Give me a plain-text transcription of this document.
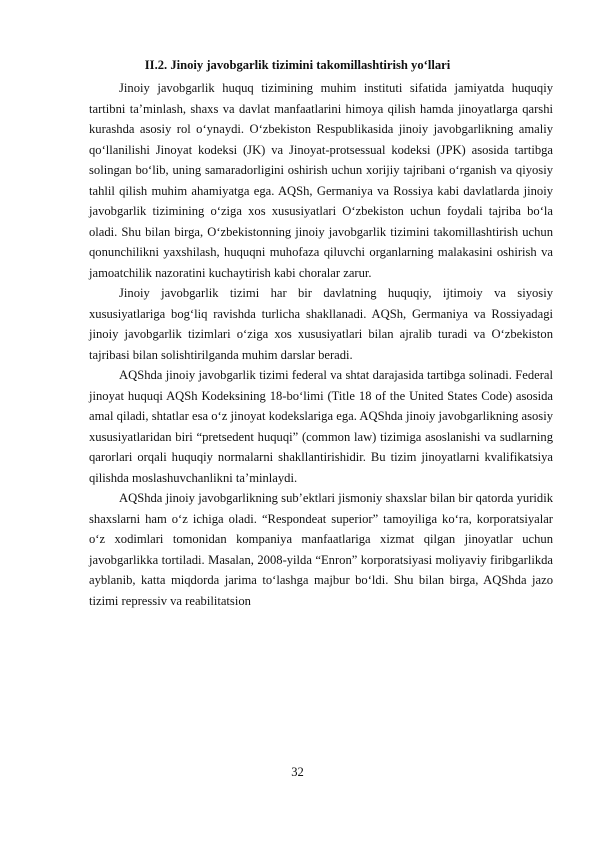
II.2. Jinoiy javobgarlik tizimini takomillashtirish yo‘llari

Jinoiy javobgarlik huquq tizimining muhim instituti sifatida jamiyatda huquqiy tartibni ta’minlash, shaxs va davlat manfaatlarini himoya qilish hamda jinoyatlarga qarshi kurashda asosiy rol o‘ynaydi. O‘zbekiston Respublikasida jinoiy javobgarlikning amaliy qo‘llanilishi Jinoyat kodeksi (JK) va Jinoyat-protsessual kodeksi (JPK) asosida tartibga solingan bo‘lib, uning samaradorligini oshirish uchun xorijiy tajribani o‘rganish va qiyosiy tahlil qilish muhim ahamiyatga ega. AQSh, Germaniya va Rossiya kabi davlatlarda jinoiy javobgarlik tizimining o‘ziga xos xususiyatlari O‘zbekiston uchun foydali tajriba bo‘la oladi. Shu bilan birga, O‘zbekistonning jinoiy javobgarlik tizimini takomillashtirish uchun qonunchilikni yaxshilash, huquqni muhofaza qiluvchi organlarning malakasini oshirish va jamoatchilik nazoratini kuchaytirish kabi choralar zarur.

Jinoiy javobgarlik tizimi har bir davlatning huquqiy, ijtimoiy va siyosiy xususiyatlariga bog‘liq ravishda turlicha shakllanadi. AQSh, Germaniya va Rossiyadagi jinoiy javobgarlik tizimlari o‘ziga xos xususiyatlari bilan ajralib turadi va O‘zbekiston tajribasi bilan solishtirilganda muhim darslar beradi.

AQShda jinoiy javobgarlik tizimi federal va shtat darajasida tartibga solinadi. Federal jinoyat huquqi AQSh Kodeksining 18-bo‘limi (Title 18 of the United States Code) asosida amal qiladi, shtatlar esa o‘z jinoyat kodekslariga ega. AQShda jinoiy javobgarlikning asosiy xususiyatlaridan biri “pretsedent huquqi” (common law) tizimiga asoslanishi va sudlarning qarorlari orqali huquqiy normalarni shakllantirishidir. Bu tizim jinoyatlarni kvalifikatsiya qilishda moslashuvchanlikni ta’minlaydi.

AQShda jinoiy javobgarlikning sub’ektlari jismoniy shaxslar bilan bir qatorda yuridik shaxslarni ham o‘z ichiga oladi. “Respondeat superior” tamoyiliga ko‘ra, korporatsiyalar o‘z xodimlari tomonidan kompaniya manfaatlariga xizmat qilgan jinoyatlar uchun javobgarlikka tortiladi. Masalan, 2008-yilda “Enron” korporatsiyasi moliyaviy firibgarlikda ayblanib, katta miqdorda jarima to‘lashga majbur bo‘ldi. Shu bilan birga, AQShda jazo tizimi repressiv va reabilitatsion

32
